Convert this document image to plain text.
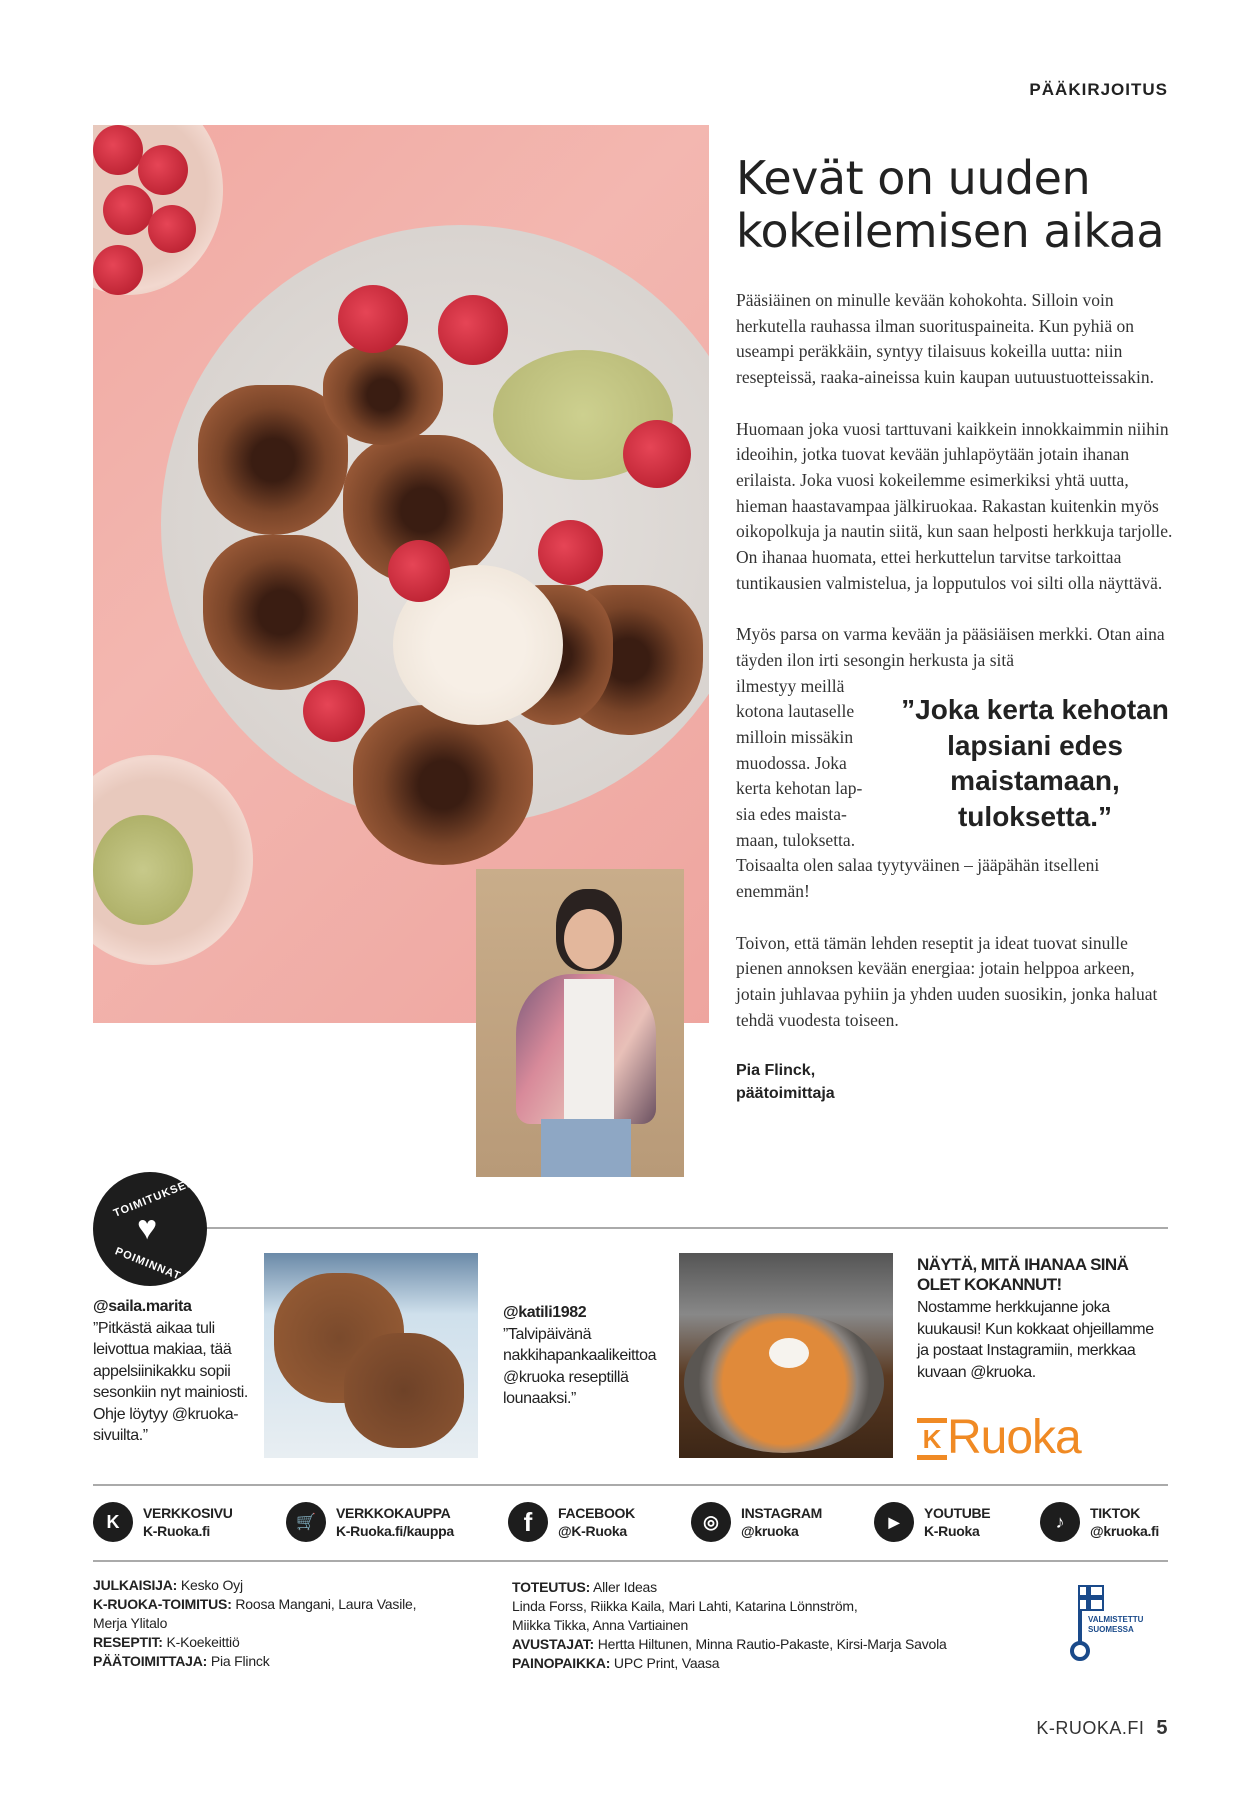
PÄÄKIRJOITUS
Kevät on uuden
kokeilemisen aikaa

Pääsiäinen on minulle kevään kohokohta. Silloin voin herkutella rauhassa ilman suorituspaineita. Kun pyhiä on useampi peräkkäin, syntyy tilaisuus kokeilla uutta: niin resepteissä, raaka-aineissa kuin kaupan uutuustuotteissakin.

Huomaan joka vuosi tarttuvani kaikkein innokkaimmin niihin ideoihin, jotka tuovat kevään juhlapöytään jotain ihanan erilaista. Joka vuosi kokeilemme esimerkiksi yhtä uutta, hieman haastavampaa jälkiruokaa. Rakastan kuitenkin myös oikopolkuja ja nautin siitä, kun saan helposti herkkuja tarjolle. On ihanaa huomata, ettei herkuttelun tarvitse tarkoittaa tuntikausien valmistelua, ja lopputulos voi silti olla näyttävä.

Myös parsa on varma kevään ja pääsiäisen merkki. Otan aina täyden ilon irti sesongin herkusta ja sitä
ilmestyy meillä
kotona lautaselle
milloin missäkin
muodossa. Joka
kerta kehotan lap-
sia edes maista-
maan, tuloksetta.
”Joka kerta kehotan lapsiani edes maistamaan, tuloksetta.”

Toisaalta olen salaa tyytyväinen – jääpähän itselleni enemmän!

Toivon, että tämän lehden reseptit ja ideat tuovat sinulle pienen annoksen kevään energiaa: jotain helppoa arkeen, jotain juhlavaa pyhiin ja yhden uuden suosikin, jonka haluat tehdä vuodesta toiseen.

Pia Flinck,
päätoimittaja
TOIMITUKSEN
♥
POIMINNAT
@saila.marita
”Pitkästä aikaa tuli leivottua makiaa, tää appelsiinikakku sopii sesonkiin nyt mainiosti. Ohje löytyy @kruoka-sivuilta.”
@katili1982
”Talvipäivänä nakkihapankaalikeittoa @kruoka reseptillä lounaaksi.”
NÄYTÄ, MITÄ IHANAA SINÄ OLET KOKANNUT!
Nostamme herkkujanne joka kuukausi! Kun kokkaat ohjeillamme ja postaat Instagramiin, merkkaa kuvaan @kruoka.
K Ruoka
K	VERKKOSIVU
K-Ruoka.fi	🛒
VERKKOKAUPPA
K-Ruoka.fi/kauppa	f	FACEBOOK
@K-Ruoka	◎	INSTAGRAM
@kruoka
▶
YOUTUBE
K-Ruoka	♪	TIKTOK
@kruoka.fi
JULKAISIJA: Kesko Oyj
K-RUOKA-TOIMITUS: Roosa Mangani, Laura Vasile, Merja Ylitalo
RESEPTIT: K-Koekeittiö
PÄÄTOIMITTAJA: Pia Flinck
TOTEUTUS: Aller Ideas
Linda Forss, Riikka Kaila, Mari Lahti, Katarina Lönnström, Miikka Tikka, Anna Vartiainen
AVUSTAJAT: Hertta Hiltunen, Minna Rautio-Pakaste, Kirsi-Marja Savola
PAINOPAIKKA: UPC Print, Vaasa
VALMISTETTU SUOMESSA
K-RUOKA.FI 5
